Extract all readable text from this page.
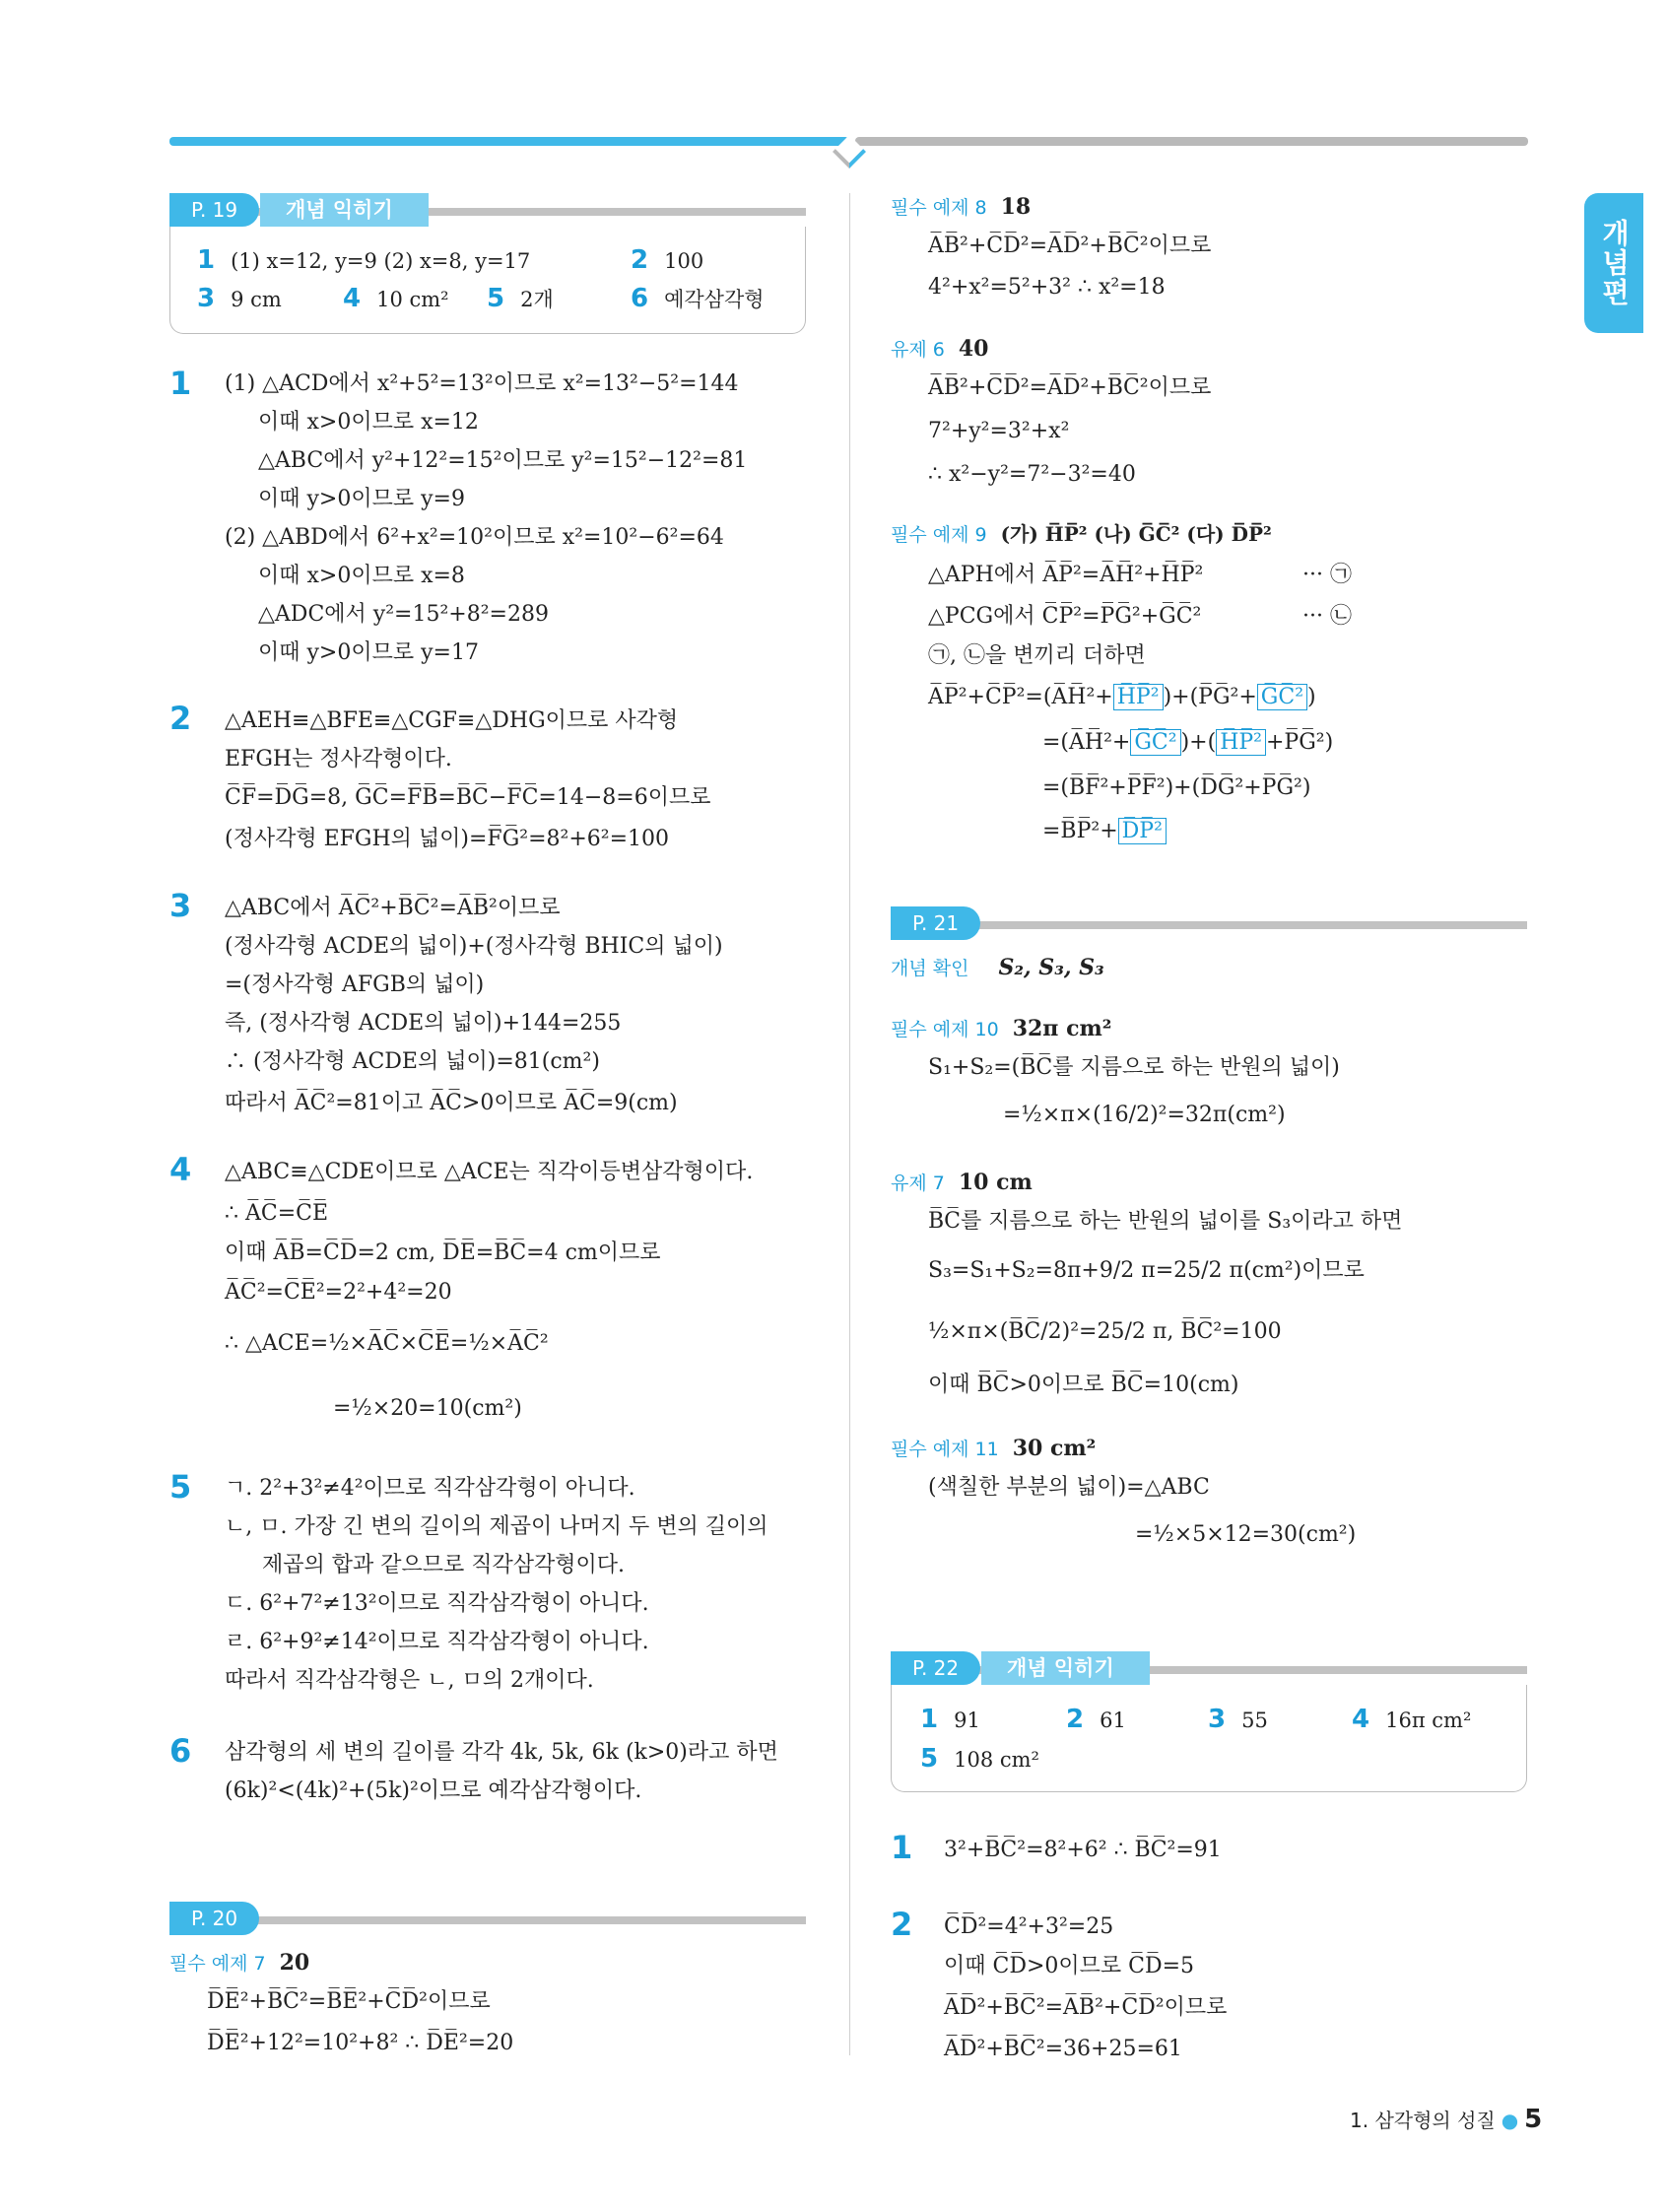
개념편
개념 익히기
P. 19
1 (1) x=12, y=9 (2) x=8, y=17	2 100
3 9 cm 4 10 cm² 5 2개	6 예각삼각형
1 (1) △ACD에서 x²+5²=13²이므로 x²=13²−5²=144
이때 x>0이므로 x=12
△ABC에서 y²+12²=15²이므로 y²=15²−12²=81
이때 y>0이므로 y=9
(2) △ABD에서 6²+x²=10²이므로 x²=10²−6²=64
이때 x>0이므로 x=8
△ADC에서 y²=15²+8²=289
이때 y>0이므로 y=17
2 △AEH≡△BFE≡△CGF≡△DHG이므로 사각형
EFGH는 정사각형이다.
C̅F̅=D̅G̅=8, G̅C̅=F̅B̅=B̅C̅−F̅C̅=14−8=6이므로
(정사각형 EFGH의 넓이)=F̅G̅²=8²+6²=100
3 △ABC에서 A̅C̅²+B̅C̅²=A̅B̅²이므로
(정사각형 ACDE의 넓이)+(정사각형 BHIC의 넓이)
=(정사각형 AFGB의 넓이)
즉, (정사각형 ACDE의 넓이)+144=255
∴ (정사각형 ACDE의 넓이)=81(cm²)
따라서 A̅C̅²=81이고 A̅C̅>0이므로 A̅C̅=9(cm)
4 △ABC≡△CDE이므로 △ACE는 직각이등변삼각형이다.
∴ A̅C̅=C̅E̅
이때 A̅B̅=C̅D̅=2 cm, D̅E̅=B̅C̅=4 cm이므로
A̅C̅²=C̅E̅²=2²+4²=20
∴ △ACE=½×A̅C̅×C̅E̅=½×A̅C̅²
=½×20=10(cm²)
5 ㄱ. 2²+3²≠4²이므로 직각삼각형이 아니다.
ㄴ, ㅁ. 가장 긴 변의 길이의 제곱이 나머지 두 변의 길이의
제곱의 합과 같으므로 직각삼각형이다.
ㄷ. 6²+7²≠13²이므로 직각삼각형이 아니다.
ㄹ. 6²+9²≠14²이므로 직각삼각형이 아니다.
따라서 직각삼각형은 ㄴ, ㅁ의 2개이다.
6 삼각형의 세 변의 길이를 각각 4k, 5k, 6k (k>0)라고 하면
(6k)²<(4k)²+(5k)²이므로 예각삼각형이다.
P. 20
필수 예제 7 20
D̅E̅²+B̅C̅²=B̅E̅²+C̅D̅²이므로
D̅E̅²+12²=10²+8² ∴ D̅E̅²=20
필수 예제 8 18
A̅B̅²+C̅D̅²=A̅D̅²+B̅C̅²이므로
4²+x²=5²+3² ∴ x²=18
유제 6 40
A̅B̅²+C̅D̅²=A̅D̅²+B̅C̅²이므로
7²+y²=3²+x²
∴ x²−y²=7²−3²=40
필수 예제 9 (가) H̅P̅² (나) G̅C̅² (다) D̅P̅²
△APH에서 A̅P̅²=A̅H̅²+H̅P̅²	··· ㉠
△PCG에서 C̅P̅²=P̅G̅²+G̅C̅²	··· ㉡
㉠, ㉡을 변끼리 더하면
A̅P̅²+C̅P̅²=(A̅H̅²+ H̅P̅² )+(P̅G̅²+ G̅C̅² )
=(A̅H̅²+ G̅C̅² )+( H̅P̅² +P̅G̅²)
=(B̅F̅²+P̅F̅²)+(D̅G̅²+P̅G̅²)
=B̅P̅²+ D̅P̅²
P. 21
개념 확인 S₂, S₃, S₃
필수 예제 10 32π cm²
S₁+S₂=(B̅C̅를 지름으로 하는 반원의 넓이)
=½×π×(16/2)²=32π(cm²)
유제 7 10 cm
B̅C̅를 지름으로 하는 반원의 넓이를 S₃이라고 하면
S₃=S₁+S₂=8π+9/2 π=25/2 π(cm²)이므로
½×π×(B̅C̅/2)²=25/2 π, B̅C̅²=100
이때 B̅C̅>0이므로 B̅C̅=10(cm)
필수 예제 11 30 cm²
(색칠한 부분의 넓이)=△ABC
=½×5×12=30(cm²)
개념 익히기
P. 22
1 91	2 61	3 55	4 16π cm²
5 108 cm²
1 3²+B̅C̅²=8²+6² ∴ B̅C̅²=91
2 C̅D̅²=4²+3²=25
이때 C̅D̅>0이므로 C̅D̅=5
A̅D̅²+B̅C̅²=A̅B̅²+C̅D̅²이므로
A̅D̅²+B̅C̅²=36+25=61
1. 삼각형의 성질 ● 5
